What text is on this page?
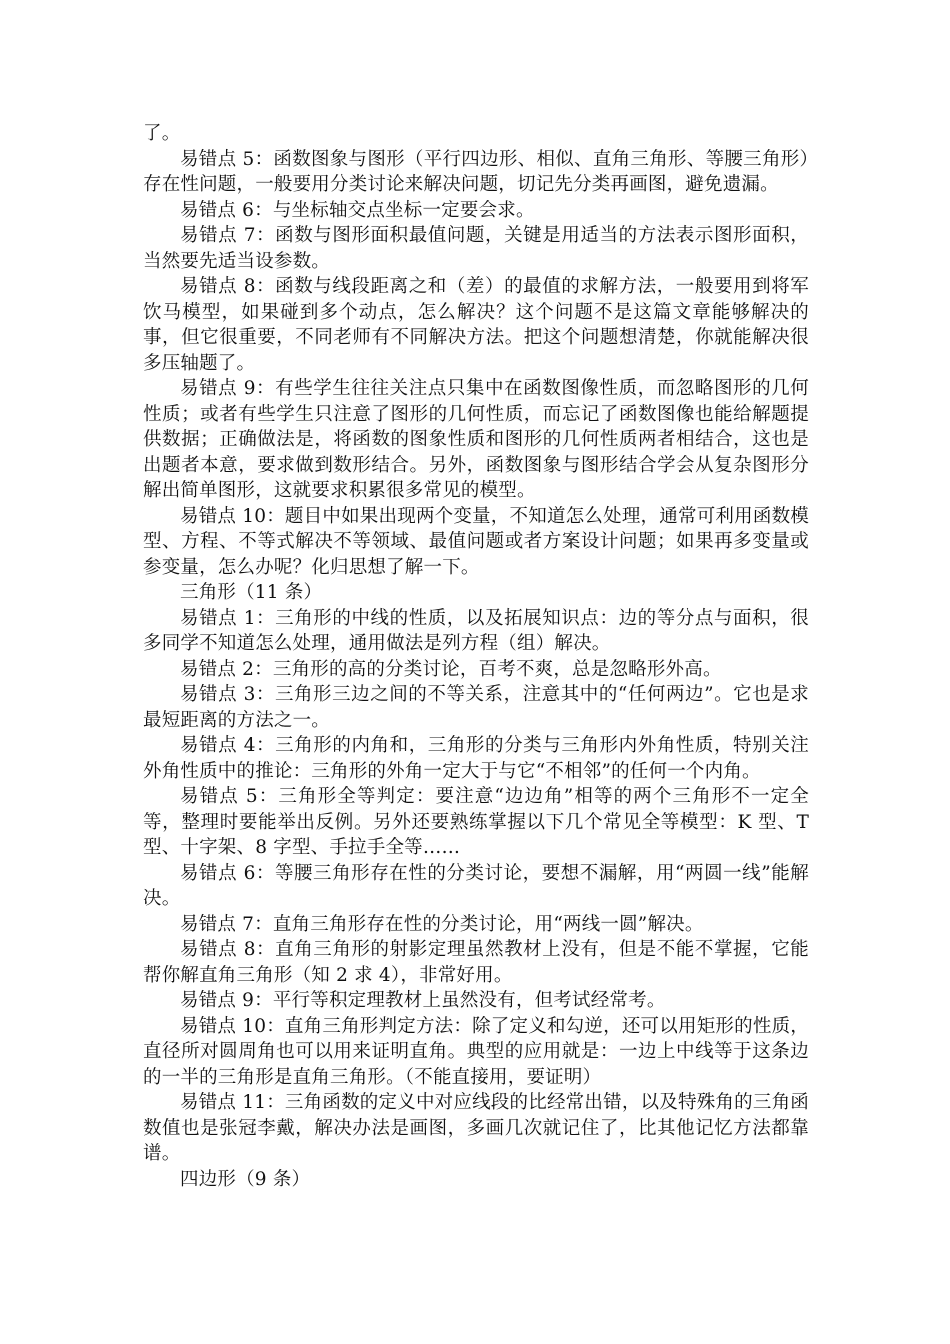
了。

易错点 5：函数图象与图形（平行四边形、相似、直角三角形、等腰三角形）存在性问题，一般要用分类讨论来解决问题，切记先分类再画图，避免遗漏。

易错点 6：与坐标轴交点坐标一定要会求。

易错点 7：函数与图形面积最值问题，关键是用适当的方法表示图形面积，当然要先适当设参数。

易错点 8：函数与线段距离之和（差）的最值的求解方法，一般要用到将军饮马模型，如果碰到多个动点，怎么解决？这个问题不是这篇文章能够解决的事，但它很重要，不同老师有不同解决方法。把这个问题想清楚，你就能解决很多压轴题了。

易错点 9：有些学生往往关注点只集中在函数图像性质，而忽略图形的几何性质；或者有些学生只注意了图形的几何性质，而忘记了函数图像也能给解题提供数据；正确做法是，将函数的图象性质和图形的几何性质两者相结合，这也是出题者本意，要求做到数形结合。另外，函数图象与图形结合学会从复杂图形分解出简单图形，这就要求积累很多常见的模型。

易错点 10：题目中如果出现两个变量，不知道怎么处理，通常可利用函数模型、方程、不等式解决不等领域、最值问题或者方案设计问题；如果再多变量或参变量，怎么办呢？化归思想了解一下。

三角形（11 条）

易错点 1：三角形的中线的性质，以及拓展知识点：边的等分点与面积，很多同学不知道怎么处理，通用做法是列方程（组）解决。

易错点 2：三角形的高的分类讨论，百考不爽，总是忽略形外高。

易错点 3：三角形三边之间的不等关系，注意其中的“任何两边”。它也是求最短距离的方法之一。

易错点 4：三角形的内角和，三角形的分类与三角形内外角性质，特别关注外角性质中的推论：三角形的外角一定大于与它“不相邻”的任何一个内角。

易错点 5：三角形全等判定：要注意“边边角”相等的两个三角形不一定全等，整理时要能举出反例。另外还要熟练掌握以下几个常见全等模型：K 型、T 型、十字架、8 字型、手拉手全等……

易错点 6：等腰三角形存在性的分类讨论，要想不漏解，用“两圆一线”能解决。

易错点 7：直角三角形存在性的分类讨论，用“两线一圆”解决。

易错点 8：直角三角形的射影定理虽然教材上没有，但是不能不掌握，它能帮你解直角三角形（知 2 求 4），非常好用。

易错点 9：平行等积定理教材上虽然没有，但考试经常考。

易错点 10：直角三角形判定方法：除了定义和勾逆，还可以用矩形的性质，直径所对圆周角也可以用来证明直角。典型的应用就是：一边上中线等于这条边的一半的三角形是直角三角形。（不能直接用，要证明）

易错点 11：三角函数的定义中对应线段的比经常出错，以及特殊角的三角函数值也是张冠李戴，解决办法是画图，多画几次就记住了，比其他记忆方法都靠谱。

四边形（9 条）
